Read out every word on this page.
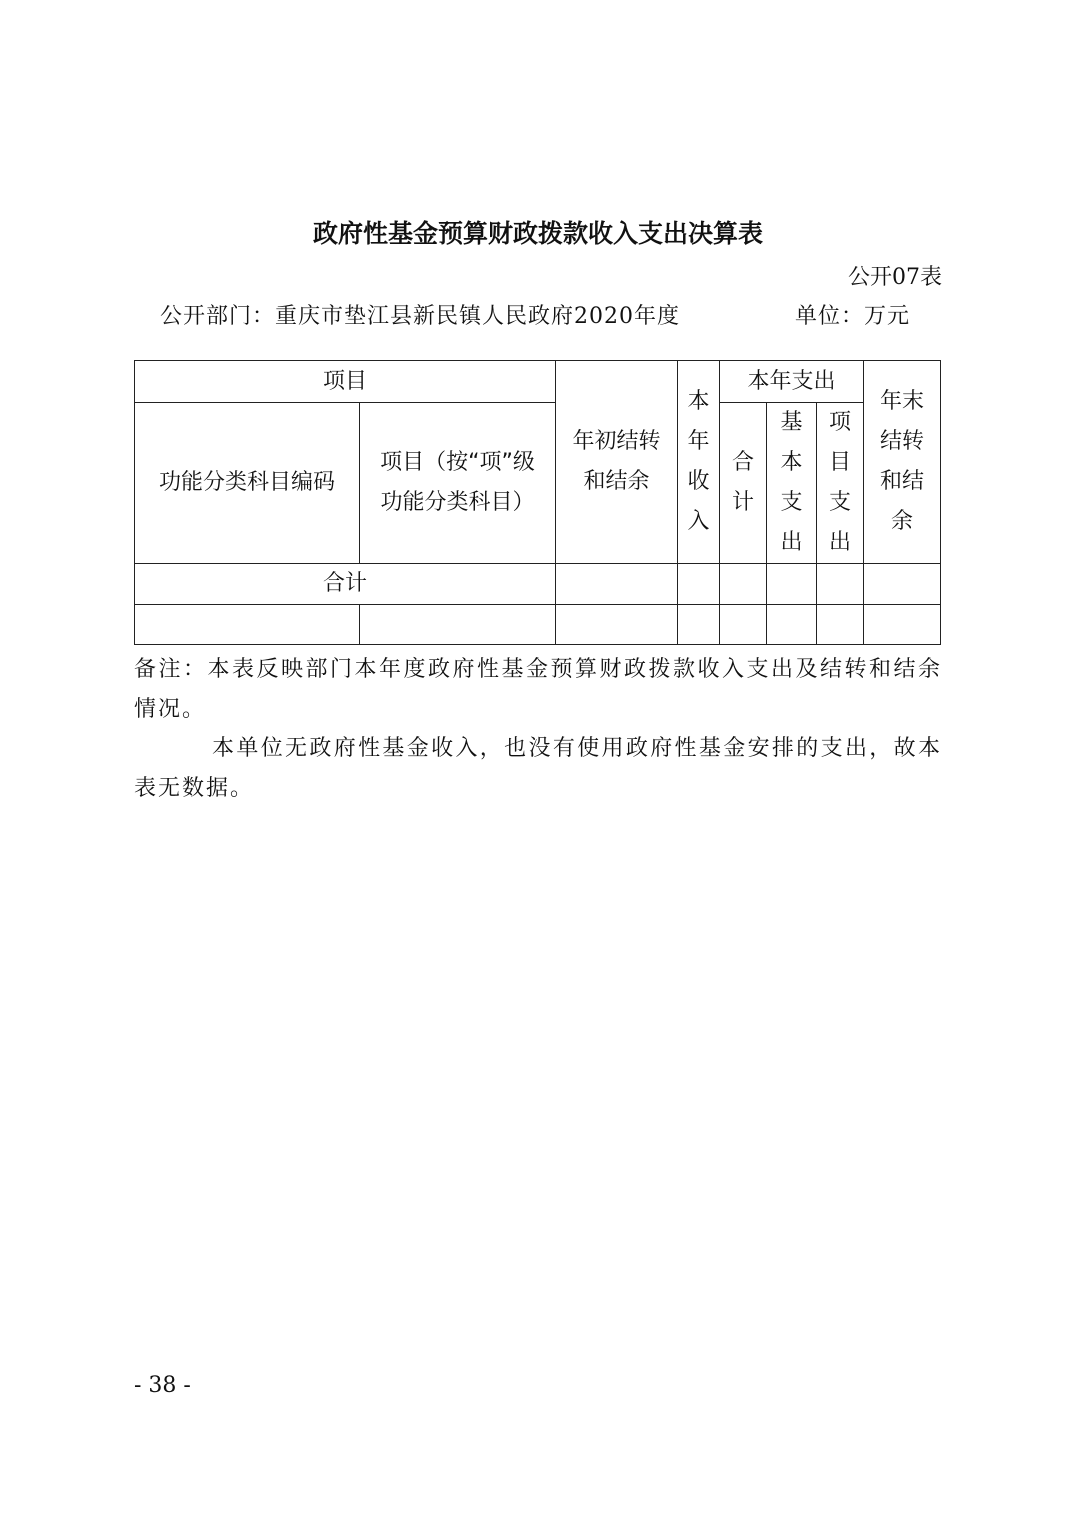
政府性基金预算财政拨款收入支出决算表
公开07表
公开部门：重庆市垫江县新民镇人民政府2020年度	单位：万元
项目		年初结转和结余	本年收入	本年支出			年末结转和结余
功能分类科目编码	项目（按“项”级功能分类科目）			合计	基本支出	项目支出	
合计							

备注：本表反映部门本年度政府性基金预算财政拨款收入支出及结转和结余情况。
本单位无政府性基金收入，也没有使用政府性基金安排的支出，故本表无数据。
- 38 -
